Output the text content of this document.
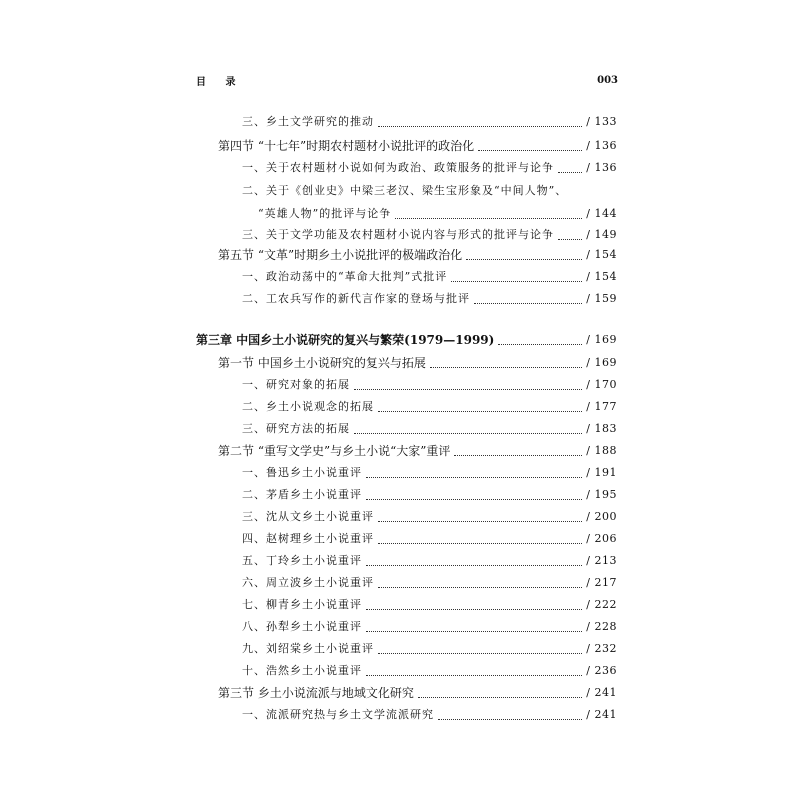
目 录	003
三、乡土文学研究的推动	/ 133
第四节 “十七年”时期农村题材小说批评的政治化	/ 136
一、关于农村题材小说如何为政治、政策服务的批评与论争	/ 136
二、关于《创业史》中梁三老汉、梁生宝形象及“中间人物”、
“英雄人物”的批评与论争	/ 144
三、关于文学功能及农村题材小说内容与形式的批评与论争	/ 149
第五节 “文革”时期乡土小说批评的极端政治化	/ 154
一、政治动荡中的“革命大批判”式批评	/ 154
二、工农兵写作的新代言作家的登场与批评	/ 159
第三章 中国乡土小说研究的复兴与繁荣(1979—1999)	/ 169
第一节 中国乡土小说研究的复兴与拓展	/ 169
一、研究对象的拓展	/ 170
二、乡土小说观念的拓展	/ 177
三、研究方法的拓展	/ 183
第二节 “重写文学史”与乡土小说“大家”重评	/ 188
一、鲁迅乡土小说重评	/ 191
二、茅盾乡土小说重评	/ 195
三、沈从文乡土小说重评	/ 200
四、赵树理乡土小说重评	/ 206
五、丁玲乡土小说重评	/ 213
六、周立波乡土小说重评	/ 217
七、柳青乡土小说重评	/ 222
八、孙犁乡土小说重评	/ 228
九、刘绍棠乡土小说重评	/ 232
十、浩然乡土小说重评	/ 236
第三节 乡土小说流派与地域文化研究	/ 241
一、流派研究热与乡土文学流派研究	/ 241
